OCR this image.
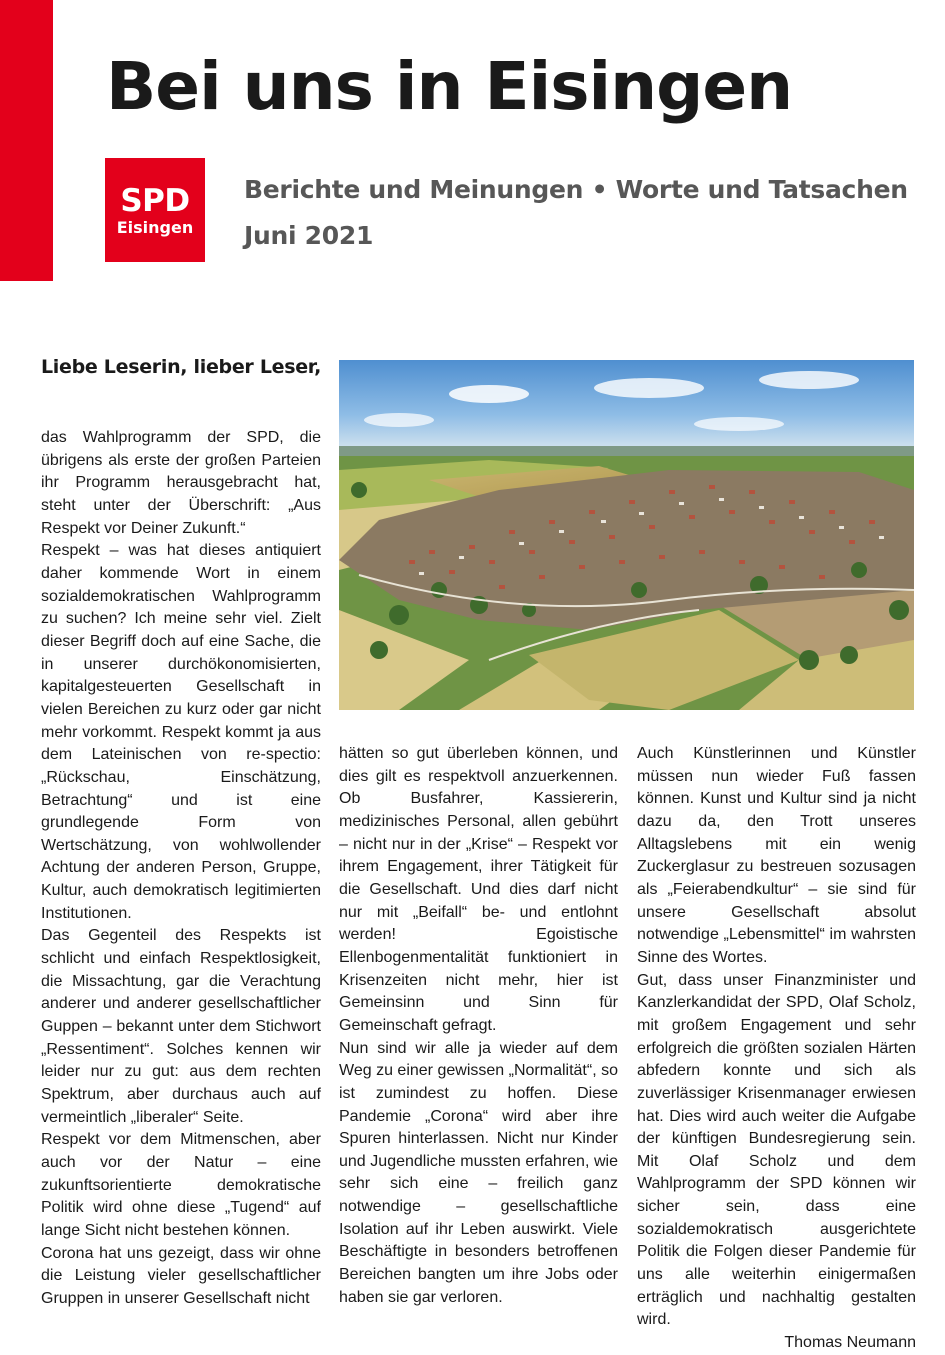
Bei uns in Eisingen
SPD
Eisingen
Berichte und Meinungen • Worte und Tatsachen
Juni 2021
Liebe Leserin, lieber Leser,

das Wahlprogramm der SPD, die übrigens als erste der großen Parteien ihr Programm herausgebracht hat, steht unter der Überschrift: „Aus Respekt vor Deiner Zukunft.“

Respekt – was hat dieses antiquiert daher kommende Wort in einem sozialdemokratischen Wahlprogramm zu suchen? Ich meine sehr viel. Zielt dieser Begriff doch auf eine Sache, die in unserer durchökonomisierten, kapitalgesteuerten Gesellschaft in vielen Bereichen zu kurz oder gar nicht mehr vorkommt. Respekt kommt ja aus dem Lateinischen von re-spectio: „Rückschau, Einschätzung, Betrachtung“ und ist eine grundlegende Form von Wertschätzung, von wohlwollender Achtung der anderen Person, Gruppe, Kultur, auch demokratisch legitimierten Institutionen.

Das Gegenteil des Respekts ist schlicht und einfach Respektlosigkeit, die Missachtung, gar die Verachtung anderer und anderer gesellschaftlicher Guppen – bekannt unter dem Stichwort „Ressentiment“. Solches kennen wir leider nur zu gut: aus dem rechten Spektrum, aber durchaus auch auf vermeintlich „liberaler“ Seite.

Respekt vor dem Mitmenschen, aber auch vor der Natur – eine zukunftsorientierte demokratische Politik wird ohne diese „Tugend“ auf lange Sicht nicht bestehen können.

Corona hat uns gezeigt, dass wir ohne die Leistung vieler gesellschaftlicher Gruppen in unserer Gesellschaft nicht

hätten so gut überleben können, und dies gilt es respektvoll anzuerkennen. Ob Busfahrer, Kassiererin, medizinisches Personal, allen gebührt – nicht nur in der „Krise“ – Respekt vor ihrem Engagement, ihrer Tätigkeit für die Gesellschaft. Und dies darf nicht nur mit „Beifall“ be- und entlohnt werden! Egoistische Ellenbogenmentalität funktioniert in Krisenzeiten nicht mehr, hier ist Gemeinsinn und Sinn für Gemeinschaft gefragt.

Nun sind wir alle ja wieder auf dem Weg zu einer gewissen „Normalität“, so ist zumindest zu hoffen. Diese Pandemie „Corona“ wird aber ihre Spuren hinterlassen. Nicht nur Kinder und Jugendliche mussten erfahren, wie sehr sich eine – freilich ganz notwendige – gesellschaftliche Isolation auf ihr Leben auswirkt. Viele Beschäftigte in besonders betroffenen Bereichen bangten um ihre Jobs oder haben sie gar verloren.

Auch Künstlerinnen und Künstler müssen nun wieder Fuß fassen können. Kunst und Kultur sind ja nicht dazu da, den Trott unseres Alltagslebens mit ein wenig Zuckerglasur zu bestreuen sozusagen als „Feierabendkultur“ – sie sind für unsere Gesellschaft absolut notwendige „Lebensmittel“ im wahrsten Sinne des Wortes.

Gut, dass unser Finanzminister und Kanzlerkandidat der SPD, Olaf Scholz, mit großem Engagement und sehr erfolgreich die größten sozialen Härten abfedern konnte und sich als zuverlässiger Krisenmanager erwiesen hat. Dies wird auch weiter die Aufgabe der künftigen Bundesregierung sein. Mit Olaf Scholz und dem Wahlprogramm der SPD können wir sicher sein, dass eine sozialdemokratisch ausgerichtete Politik die Folgen dieser Pandemie für uns alle weiterhin einigermaßen erträglich und nachhaltig gestalten wird.

Thomas Neumann
